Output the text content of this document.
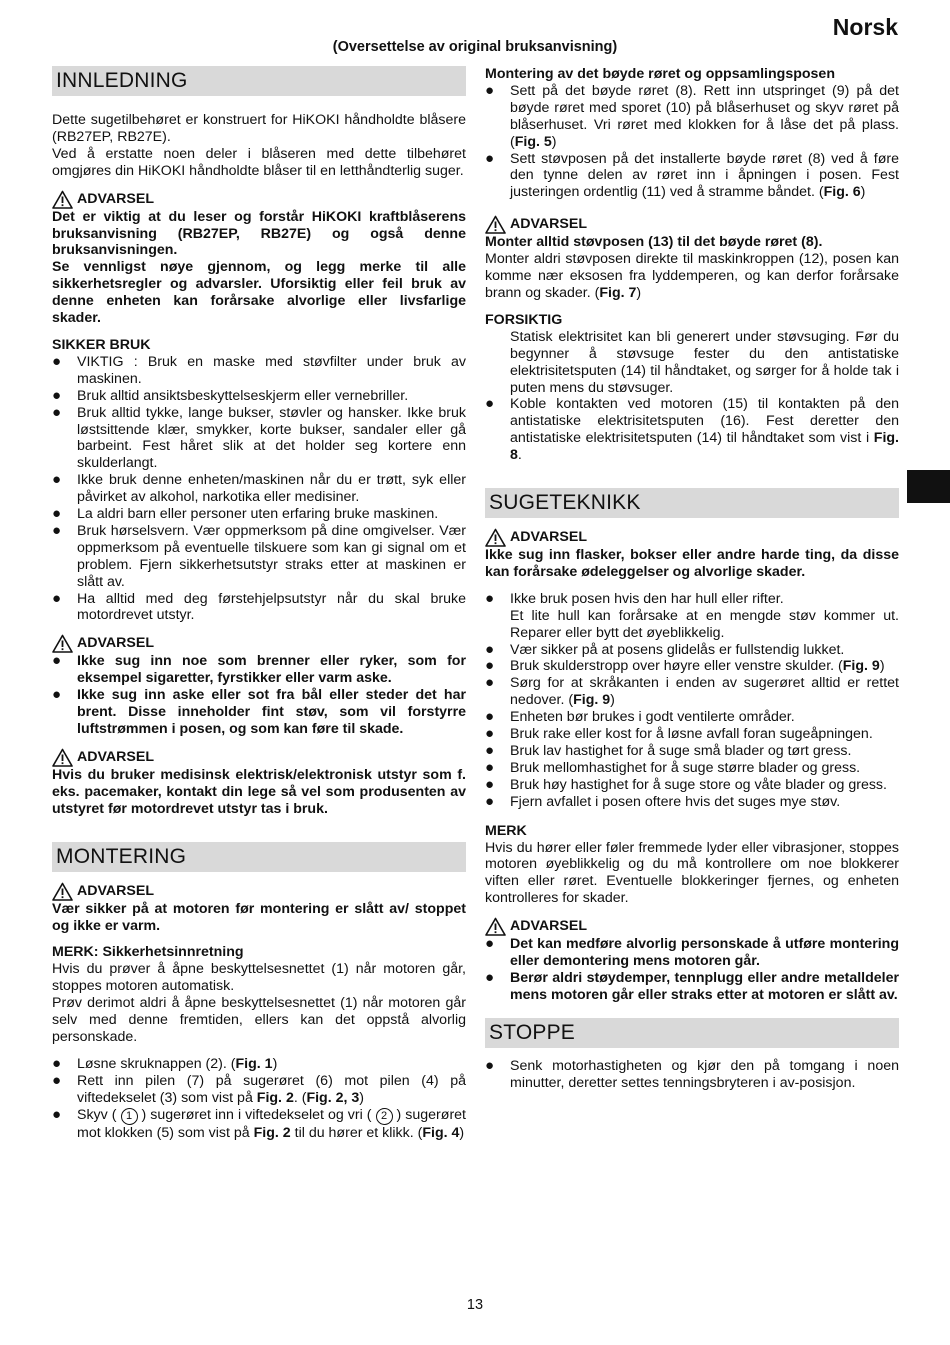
Norsk
(Oversettelse av original bruksanvisning)
INNLEDNING

Dette sugetilbehøret er konstruert for HiKOKI håndholdte blåsere (RB27EP, RB27E).

Ved å erstatte noen deler i blåseren med dette tilbehøret omgjøres din HiKOKI håndholdte blåser til en letthåndterlig suger.

ADVARSEL

Det er viktig at du leser og forstår HiKOKI kraftblåserens bruksanvisning (RB27EP, RB27E) og også denne bruksanvisningen.

Se vennligst nøye gjennom, og legg merke til alle sikkerhetsregler og advarsler. Uforsiktig eller feil bruk av denne enheten kan forårsake alvorlige eller livsfarlige skader.

SIKKER BRUK

● VIKTIG : Bruk en maske med støvfilter under bruk av maskinen.
● Bruk alltid ansiktsbeskyttelseskjerm eller vernebriller.
● Bruk alltid tykke, lange bukser, støvler og hansker. Ikke bruk løstsittende klær, smykker, korte bukser, sandaler eller gå barbeint. Fest håret slik at det holder seg kortere enn skulderlangt.
● Ikke bruk denne enheten/maskinen når du er trøtt, syk eller påvirket av alkohol, narkotika eller medisiner.
● La aldri barn eller personer uten erfaring bruke maskinen.
● Bruk hørselsvern. Vær oppmerksom på dine omgivelser. Vær oppmerksom på eventuelle tilskuere som kan gi signal om et problem. Fjern sikkerhetsutstyr straks etter at maskinen er slått av.
● Ha alltid med deg førstehjelpsutstyr når du skal bruke motordrevet utstyr.
ADVARSEL
● Ikke sug inn noe som brenner eller ryker, som for eksempel sigaretter, fyrstikker eller varm aske.
● Ikke sug inn aske eller sot fra bål eller steder det har brent. Disse inneholder fint støv, som vil forstyrre luftstrømmen i posen, og som kan føre til skade.
ADVARSEL

Hvis du bruker medisinsk elektrisk/elektronisk utstyr som f. eks. pacemaker, kontakt din lege så vel som produsenten av utstyret før motordrevet utstyr tas i bruk.

MONTERING
ADVARSEL

Vær sikker på at motoren før montering er slått av/ stoppet og ikke er varm.

MERK: Sikkerhetsinnretning

Hvis du prøver å åpne beskyttelsesnettet (1) når motoren går, stoppes motoren automatisk.

Prøv derimot aldri å åpne beskyttelsesnettet (1) når motoren går selv med denne fremtiden, ellers kan det oppstå alvorlig personskade.

● Løsne skruknappen (2). (Fig. 1)
● Rett inn pilen (7) på sugerøret (6) mot pilen (4) på viftedekselet (3) som vist på Fig. 2. (Fig. 2, 3)
● Skyv ( 1 ) sugerøret inn i viftedekselet og vri ( 2 ) sugerøret mot klokken (5) som vist på Fig. 2 til du hører et klikk. (Fig. 4)

Montering av det bøyde røret og oppsamlingsposen

● Sett på det bøyde røret (8). Rett inn utspringet (9) på det bøyde røret med sporet (10) på blåserhuset og skyv røret på blåserhuset. Vri røret med klokken for å låse det på plass. (Fig. 5)
● Sett støvposen på det installerte bøyde røret (8) ved å føre den tynne delen av røret inn i åpningen i posen. Fest justeringen ordentlig (11) ved å stramme båndet. (Fig. 6)
ADVARSEL

Monter alltid støvposen (13) til det bøyde røret (8).

Monter aldri støvposen direkte til maskinkroppen (12), posen kan komme nær eksosen fra lyddemperen, og kan derfor forårsake brann og skader. (Fig. 7)

FORSIKTIG

Statisk elektrisitet kan bli generert under støvsuging. Før du begynner å støvsuge fester du den antistatiske elektrisitetsputen (14) til håndtaket, og sørger for å holde tak i puten mens du støvsuger.

● Koble kontakten ved motoren (15) til kontakten på den antistatiske elektrisitetsputen (16). Fest deretter den antistatiske elektrisitetsputen (14) til håndtaket som vist i Fig. 8.
SUGETEKNIKK
ADVARSEL

Ikke sug inn flasker, bokser eller andre harde ting, da disse kan forårsake ødeleggelser og alvorlige skader.

● Ikke bruk posen hvis den har hull eller rifter.
Et lite hull kan forårsake at en mengde støv kommer ut. Reparer eller bytt det øyeblikkelig.
● Vær sikker på at posens glidelås er fullstendig lukket.
● Bruk skulderstropp over høyre eller venstre skulder. (Fig. 9)
● Sørg for at skråkanten i enden av sugerøret alltid er rettet nedover. (Fig. 9)
● Enheten bør brukes i godt ventilerte områder.
● Bruk rake eller kost for å løsne avfall foran sugeåpningen.
● Bruk lav hastighet for å suge små blader og tørt gress.
● Bruk mellomhastighet for å suge større blader og gress.
● Bruk høy hastighet for å suge store og våte blader og gress.
● Fjern avfallet i posen oftere hvis det suges mye støv.

MERK

Hvis du hører eller føler fremmede lyder eller vibrasjoner, stoppes motoren øyeblikkelig og du må kontrollere om noe blokkerer viften eller røret. Eventuelle blokkeringer fjernes, og enheten kontrolleres for skader.

ADVARSEL
● Det kan medføre alvorlig personskade å utføre montering eller demontering mens motoren går.
● Berør aldri støydemper, tennplugg eller andre metalldeler mens motoren går eller straks etter at motoren er slått av.
STOPPE
● Senk motorhastigheten og kjør den på tomgang i noen minutter, deretter settes tenningsbryteren i av-posisjon.
13
